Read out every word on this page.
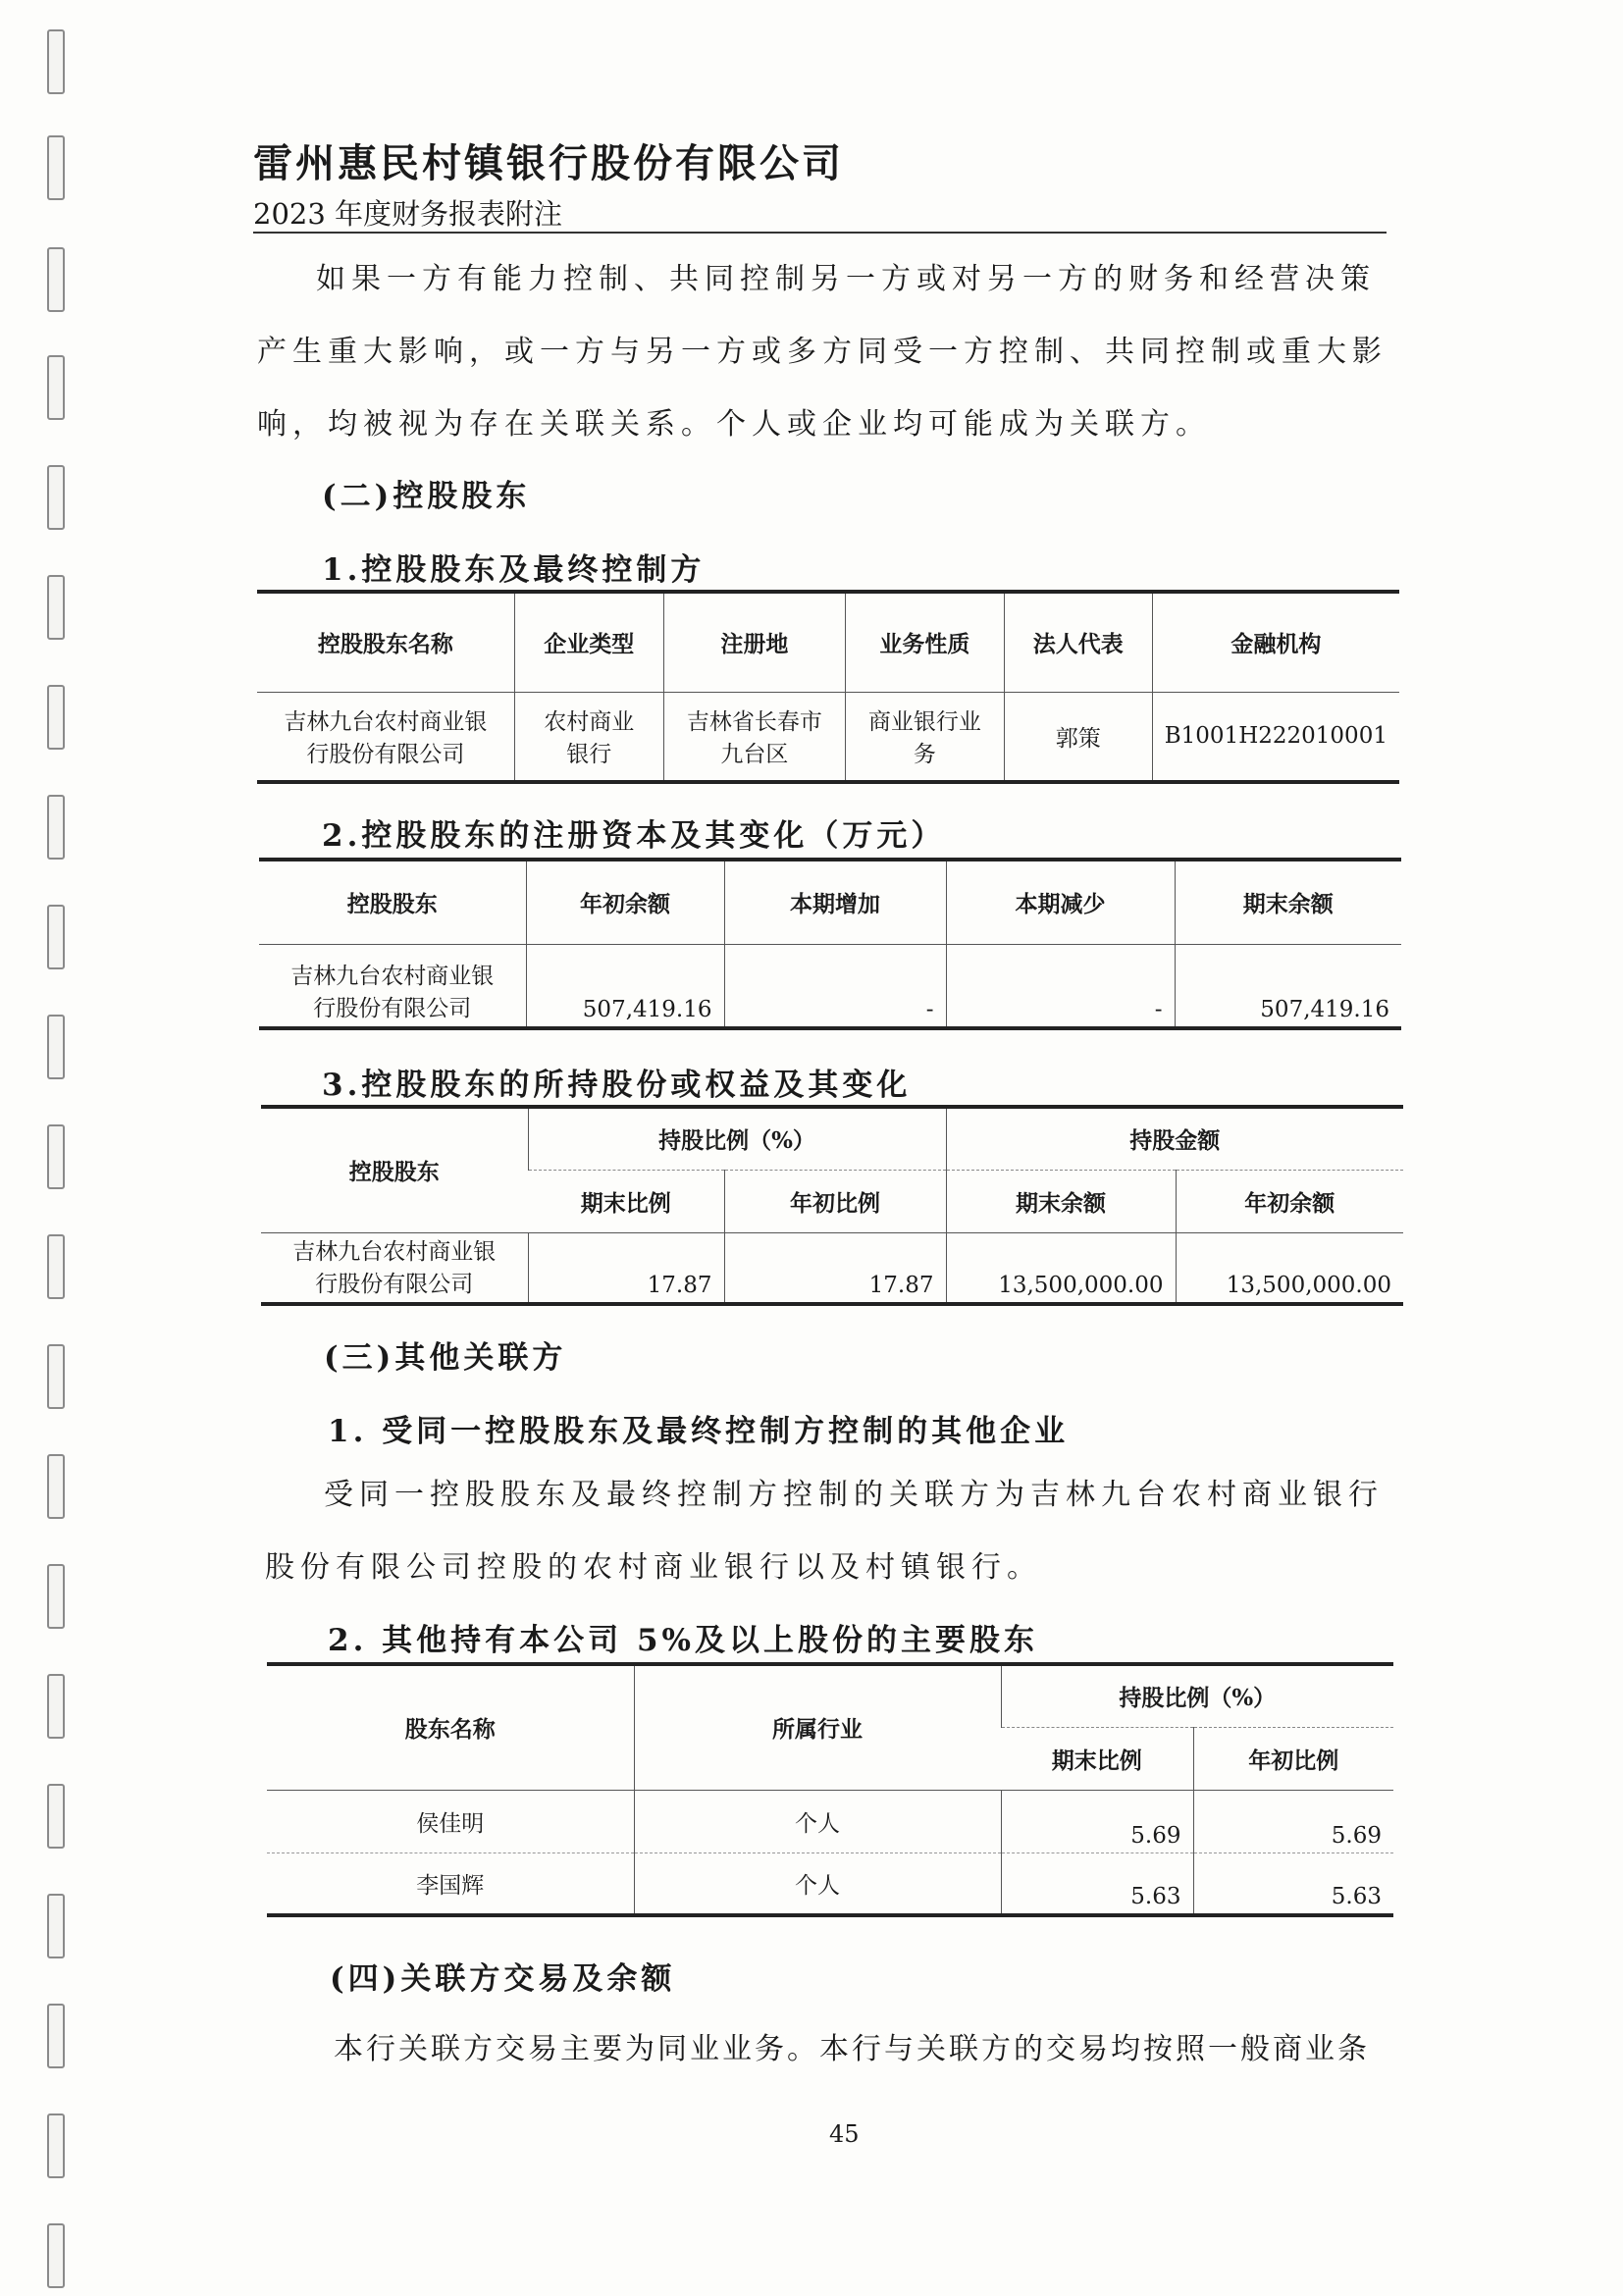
雷州惠民村镇银行股份有限公司
2023 年度财务报表附注
如果一方有能力控制、共同控制另一方或对另一方的财务和经营决策产生重大影响，或一方与另一方或多方同受一方控制、共同控制或重大影响，均被视为存在关联关系。个人或企业均可能成为关联方。
(二)控股股东
1.控股股东及最终控制方
控股股东名称	企业类型	注册地	业务性质	法人代表	金融机构
吉林九台农村商业银行股份有限公司	农村商业银行	吉林省长春市九台区	商业银行业务	郭策	B1001H222010001
2.控股股东的注册资本及其变化（万元）
控股股东	年初余额	本期增加	本期减少	期末余额
吉林九台农村商业银行股份有限公司	507,419.16	-	-	507,419.16
3.控股股东的所持股份或权益及其变化
控股股东	持股比例（%）		持股金额	
	期末比例	年初比例	期末余额	年初余额
吉林九台农村商业银行股份有限公司	17.87	17.87	13,500,000.00	13,500,000.00
(三)其他关联方
1. 受同一控股股东及最终控制方控制的其他企业
受同一控股股东及最终控制方控制的关联方为吉林九台农村商业银行股份有限公司控股的农村商业银行以及村镇银行。
2. 其他持有本公司 5%及以上股份的主要股东
股东名称	所属行业	持股比例（%）	
		期末比例	年初比例
侯佳明	个人	5.69	5.69
李国辉	个人	5.63	5.63
(四)关联方交易及余额
本行关联方交易主要为同业业务。本行与关联方的交易均按照一般商业条
45
